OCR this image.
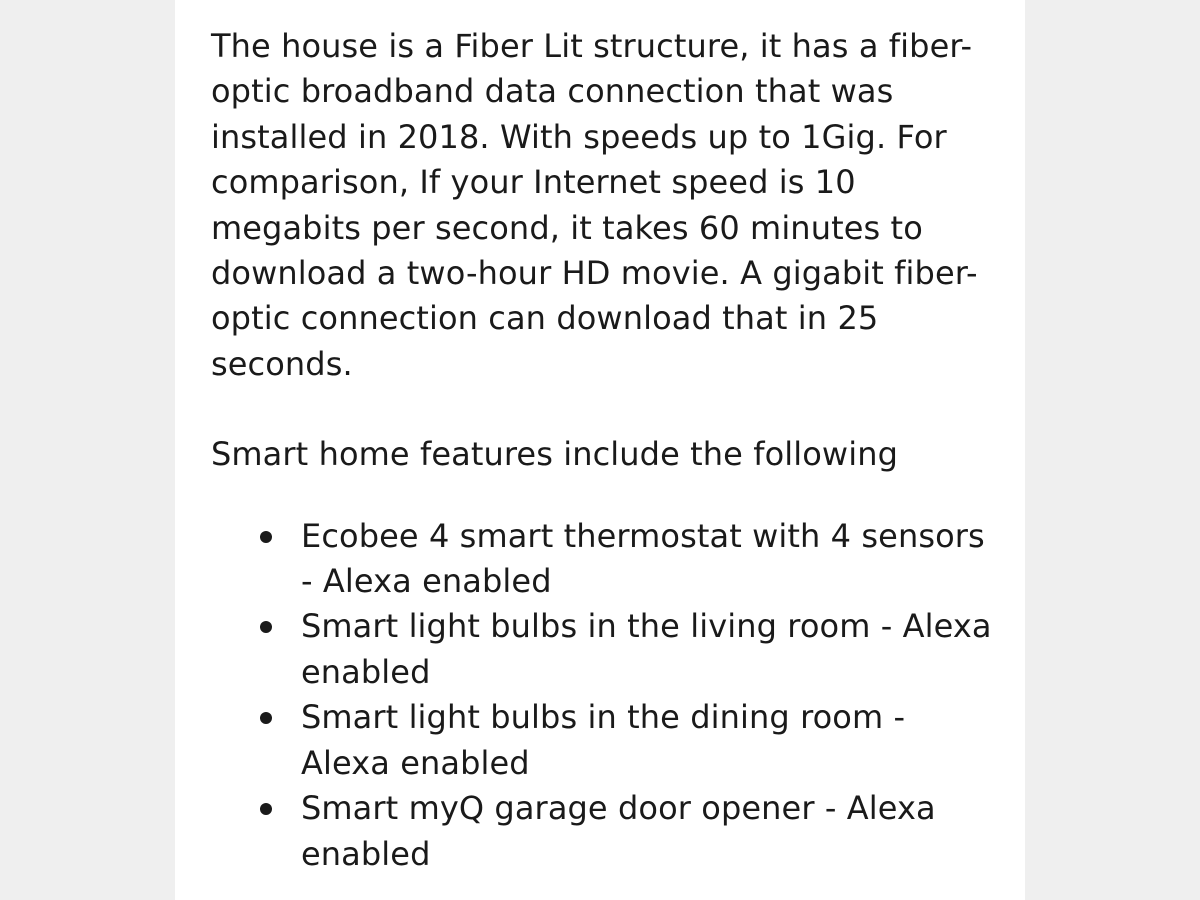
The house is a Fiber Lit structure, it has a fiber-optic broadband data connection that was installed in 2018. With speeds up to 1Gig. For comparison, If your Internet speed is 10 megabits per second, it takes 60 minutes to download a two-hour HD movie. A gigabit fiber-optic connection can download that in 25 seconds.

Smart home features include the following

Ecobee 4 smart thermostat with 4 sensors - Alexa enabled
Smart light bulbs in the living room - Alexa enabled
Smart light bulbs in the dining room - Alexa enabled
Smart myQ garage door opener - Alexa enabled
